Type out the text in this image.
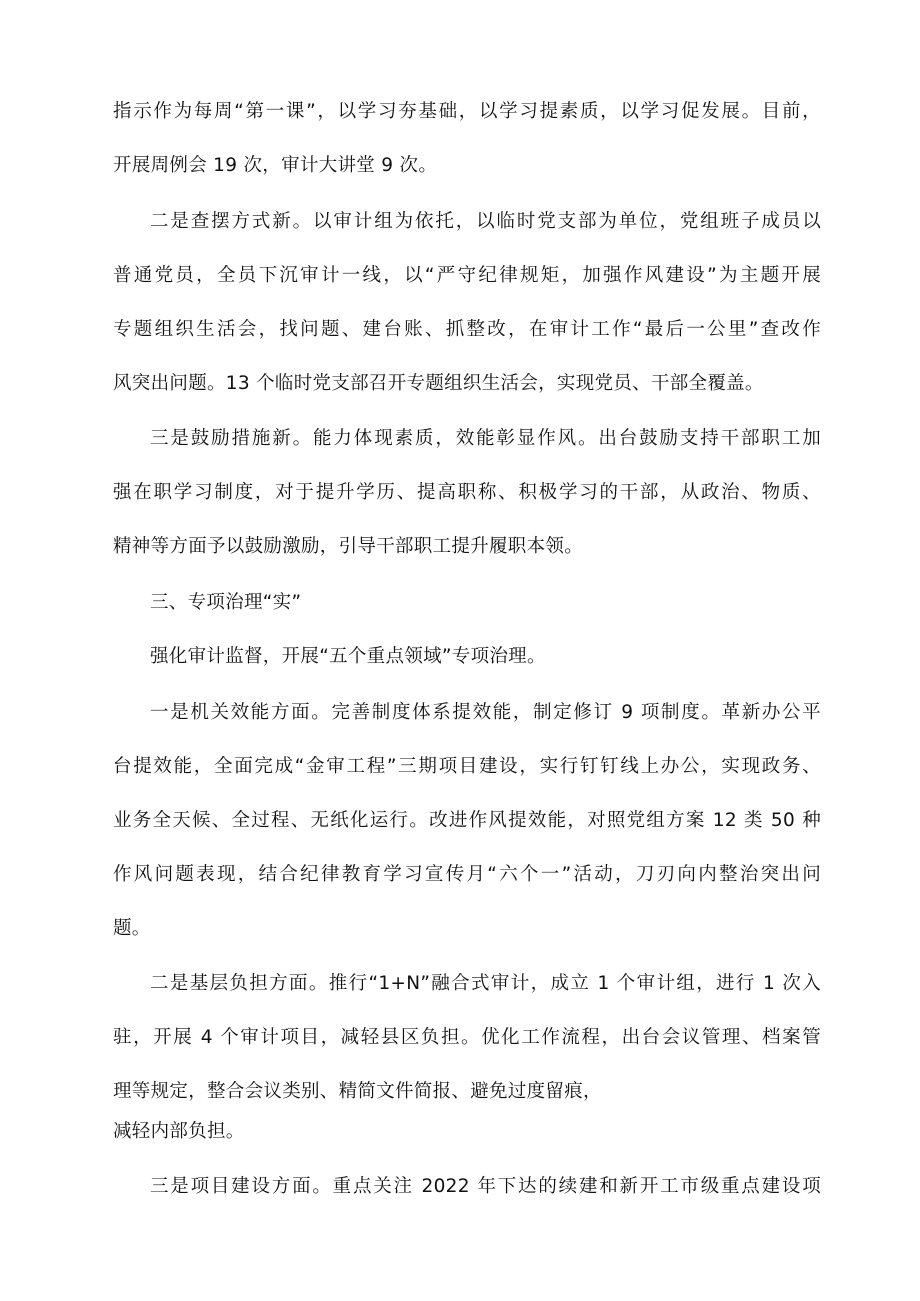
指示作为每周“第一课”，以学习夯基础，以学习提素质，以学习促发展。目前，
开展周例会 19 次，审计大讲堂 9 次。
二是查摆方式新。以审计组为依托，以临时党支部为单位，党组班子成员以
普通党员，全员下沉审计一线，以“严守纪律规矩，加强作风建设”为主题开展
专题组织生活会，找问题、建台账、抓整改，在审计工作“最后一公里”查改作
风突出问题。13 个临时党支部召开专题组织生活会，实现党员、干部全覆盖。
三是鼓励措施新。能力体现素质，效能彰显作风。出台鼓励支持干部职工加
强在职学习制度，对于提升学历、提高职称、积极学习的干部，从政治、物质、
精神等方面予以鼓励激励，引导干部职工提升履职本领。
三、专项治理“实”
强化审计监督，开展“五个重点领域”专项治理。
一是机关效能方面。完善制度体系提效能，制定修订 9 项制度。革新办公平
台提效能，全面完成“金审工程”三期项目建设，实行钉钉线上办公，实现政务、
业务全天候、全过程、无纸化运行。改进作风提效能，对照党组方案 12 类 50 种
作风问题表现，结合纪律教育学习宣传月“六个一”活动，刀刃向内整治突出问
题。
二是基层负担方面。推行“1+N”融合式审计，成立 1 个审计组，进行 1 次入
驻，开展 4 个审计项目，减轻县区负担。优化工作流程，出台会议管理、档案管
理等规定，整合会议类别、精简文件简报、避免过度留痕，
减轻内部负担。
三是项目建设方面。重点关注 2022 年下达的续建和新开工市级重点建设项
